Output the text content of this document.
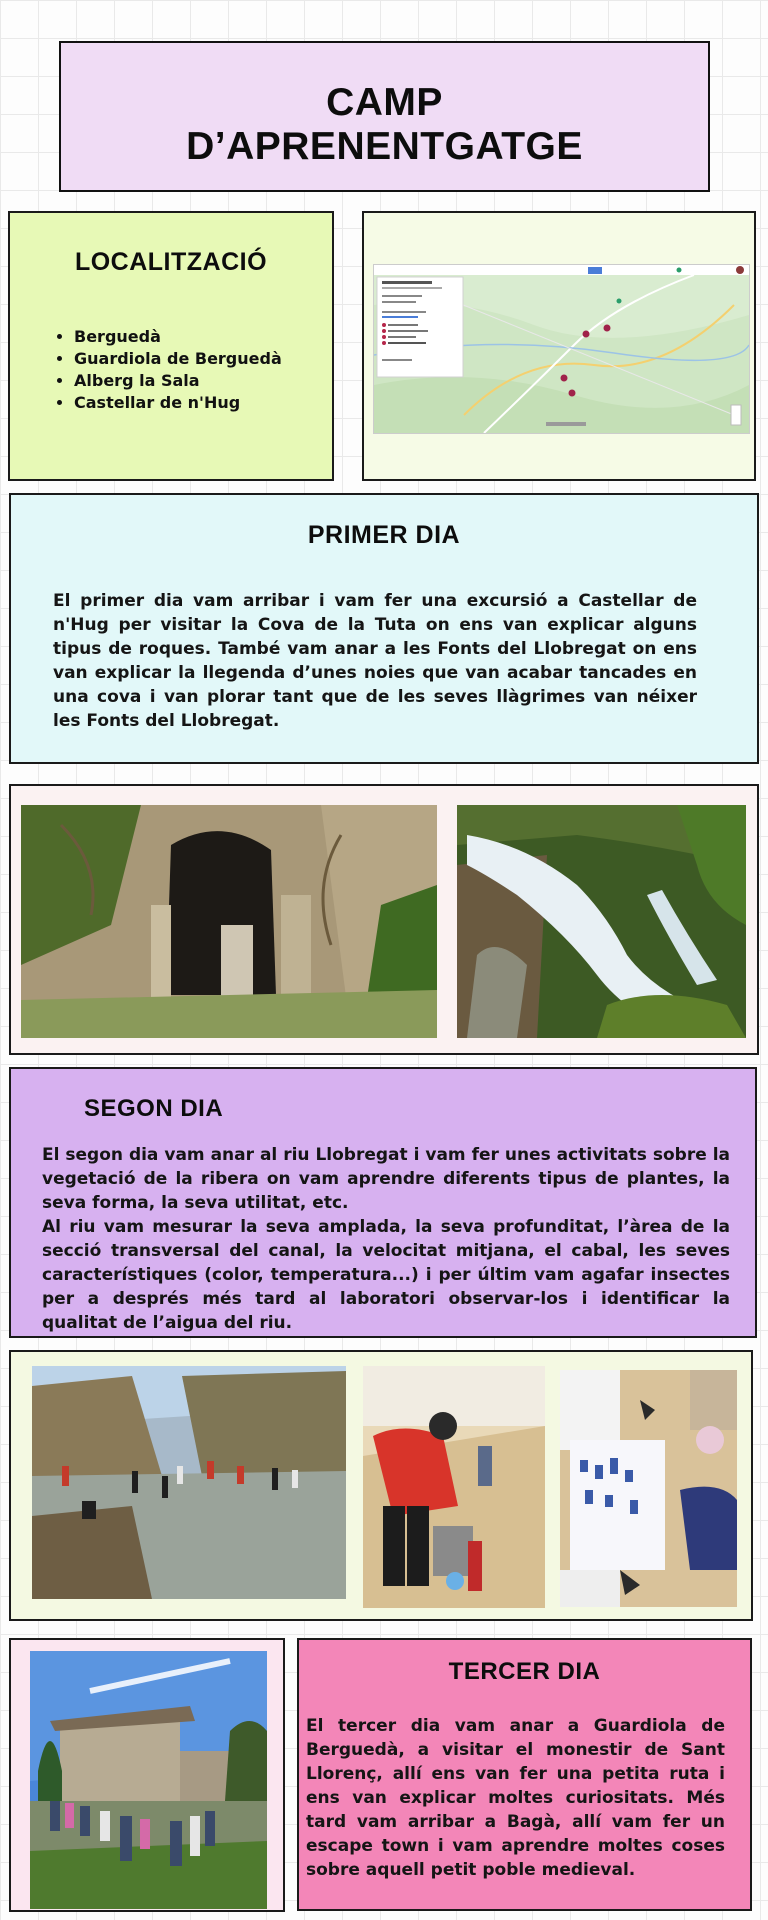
CAMP
D’APRENENTGATGE
LOCALITZACIÓ
• Berguedà
• Guardiola de Berguedà
• Alberg la Sala
• Castellar de n'Hug
PRIMER DIA
El primer dia vam arribar i vam fer una excursió a Castellar de n'Hug per visitar la Cova de la Tuta on ens van explicar alguns tipus de roques. També vam anar a les Fonts del Llobregat on ens van explicar la llegenda d’unes noies que van acabar tancades en una cova i van plorar tant que de les seves llàgrimes van néixer les Fonts del Llobregat.
SEGON DIA
El segon dia vam anar al riu Llobregat i vam fer unes activitats sobre la vegetació de la ribera on vam aprendre diferents tipus de plantes, la seva forma, la seva utilitat, etc.
Al riu vam mesurar la seva amplada, la seva profunditat, l’àrea de la secció transversal del canal, la velocitat mitjana, el cabal, les seves característiques (color, temperatura...) i per últim vam agafar insectes per a després més tard al laboratori observar-los i identificar la qualitat de l’aigua del riu.
TERCER DIA
El tercer dia vam anar a Guardiola de Berguedà, a visitar el monestir de Sant Llorenç, allí ens van fer una petita ruta i ens van explicar moltes curiositats. Més tard vam arribar a Bagà, allí vam fer un escape town i vam aprendre moltes coses sobre aquell petit poble medieval.
